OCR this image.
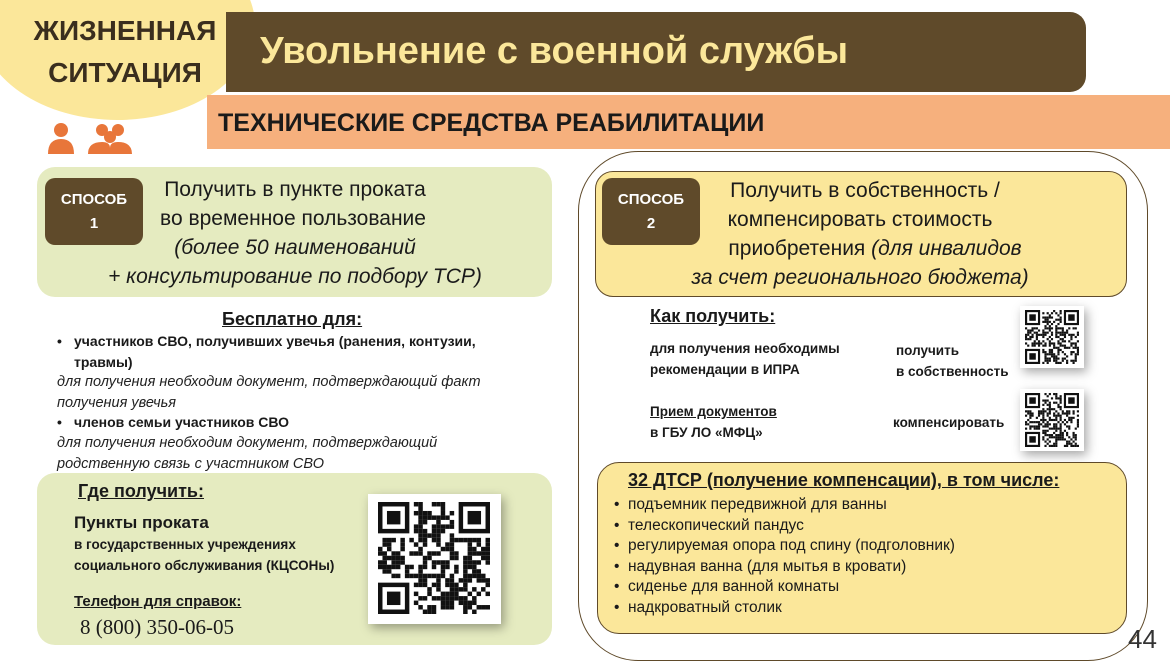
ЖИЗНЕННАЯ СИТУАЦИЯ
Увольнение с военной службы
ТЕХНИЧЕСКИЕ СРЕДСТВА РЕАБИЛИТАЦИИ
СПОСОБ
1
Получить в пункте проката
во временное пользование
(более 50 наименований
+ консультирование по подбору ТСР)
Бесплатно для:
• участников СВО, получивших увечья (ранения, контузии,
травмы)
для получения необходим документ, подтверждающий факт
получения увечья
• членов семьи участников СВО
для получения необходим документ, подтверждающий
родственную связь с участником СВО
Где получить:
Пункты проката
в государственных учреждениях
социального обслуживания (КЦСОНы)
Телефон для справок:
8 (800) 350-06-05
СПОСОБ
2
Получить в собственность /
компенсировать стоимость
приобретения (для инвалидов
за счет регионального бюджета)
Как получить:
для получения необходимы
рекомендации в ИПРА
получить
в собственность
Прием документов
в ГБУ ЛО «МФЦ»
компенсировать
32 ДТСР (получение компенсации), в том числе:
• подъемник передвижной для ванны
• телескопический пандус
• регулируемая опора под спину (подголовник)
• надувная ванна (для мытья в кровати)
• сиденье для ванной комнаты
• надкроватный столик
44
